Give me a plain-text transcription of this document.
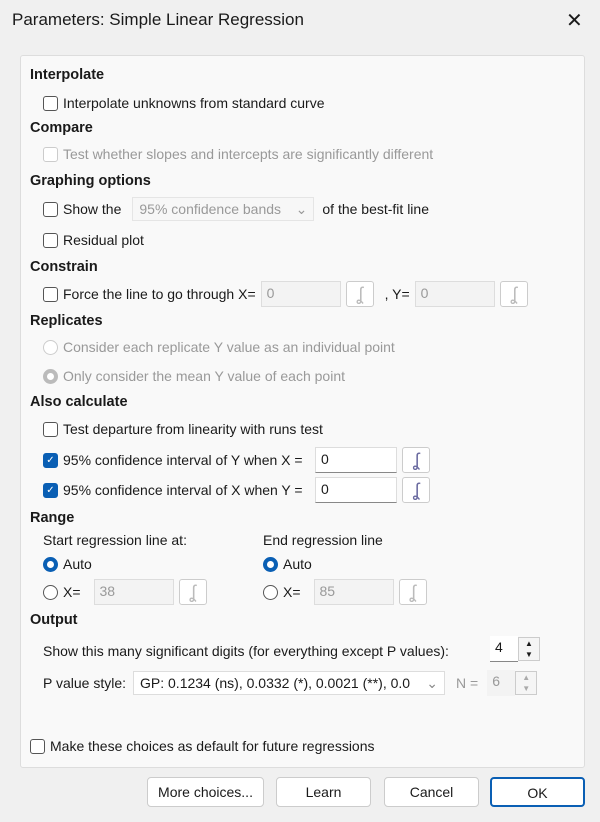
Parameters: Simple Linear Regression	✕
Interpolate
Interpolate unknowns from standard curve
Compare
Test whether slopes and intercepts are significantly different
Graphing options
Show the 95% confidence bands ⌄ of the best-fit line
Residual plot
Constrain
Force the line to go through X= 0	ʆ	, Y= 0	ʆ
Replicates
Consider each replicate Y value as an individual point
Only consider the mean Y value of each point
Also calculate
Test departure from linearity with runs test
✓ 95% confidence interval of Y when X =	0	ʆ
✓ 95% confidence interval of X when Y =	0	ʆ
Range
Start regression line at:	End regression line
Auto	Auto
X=	38	ʆ	X=	85	ʆ
Output
Show this many significant digits (for everything except P values):	4	▲
▼
P value style: GP: 0.1234 (ns), 0.0332 (*), 0.0021 (**), 0.0	⌄ N =	6	▲
▼
Make these choices as default for future regressions
More choices...	Learn	Cancel	OK
